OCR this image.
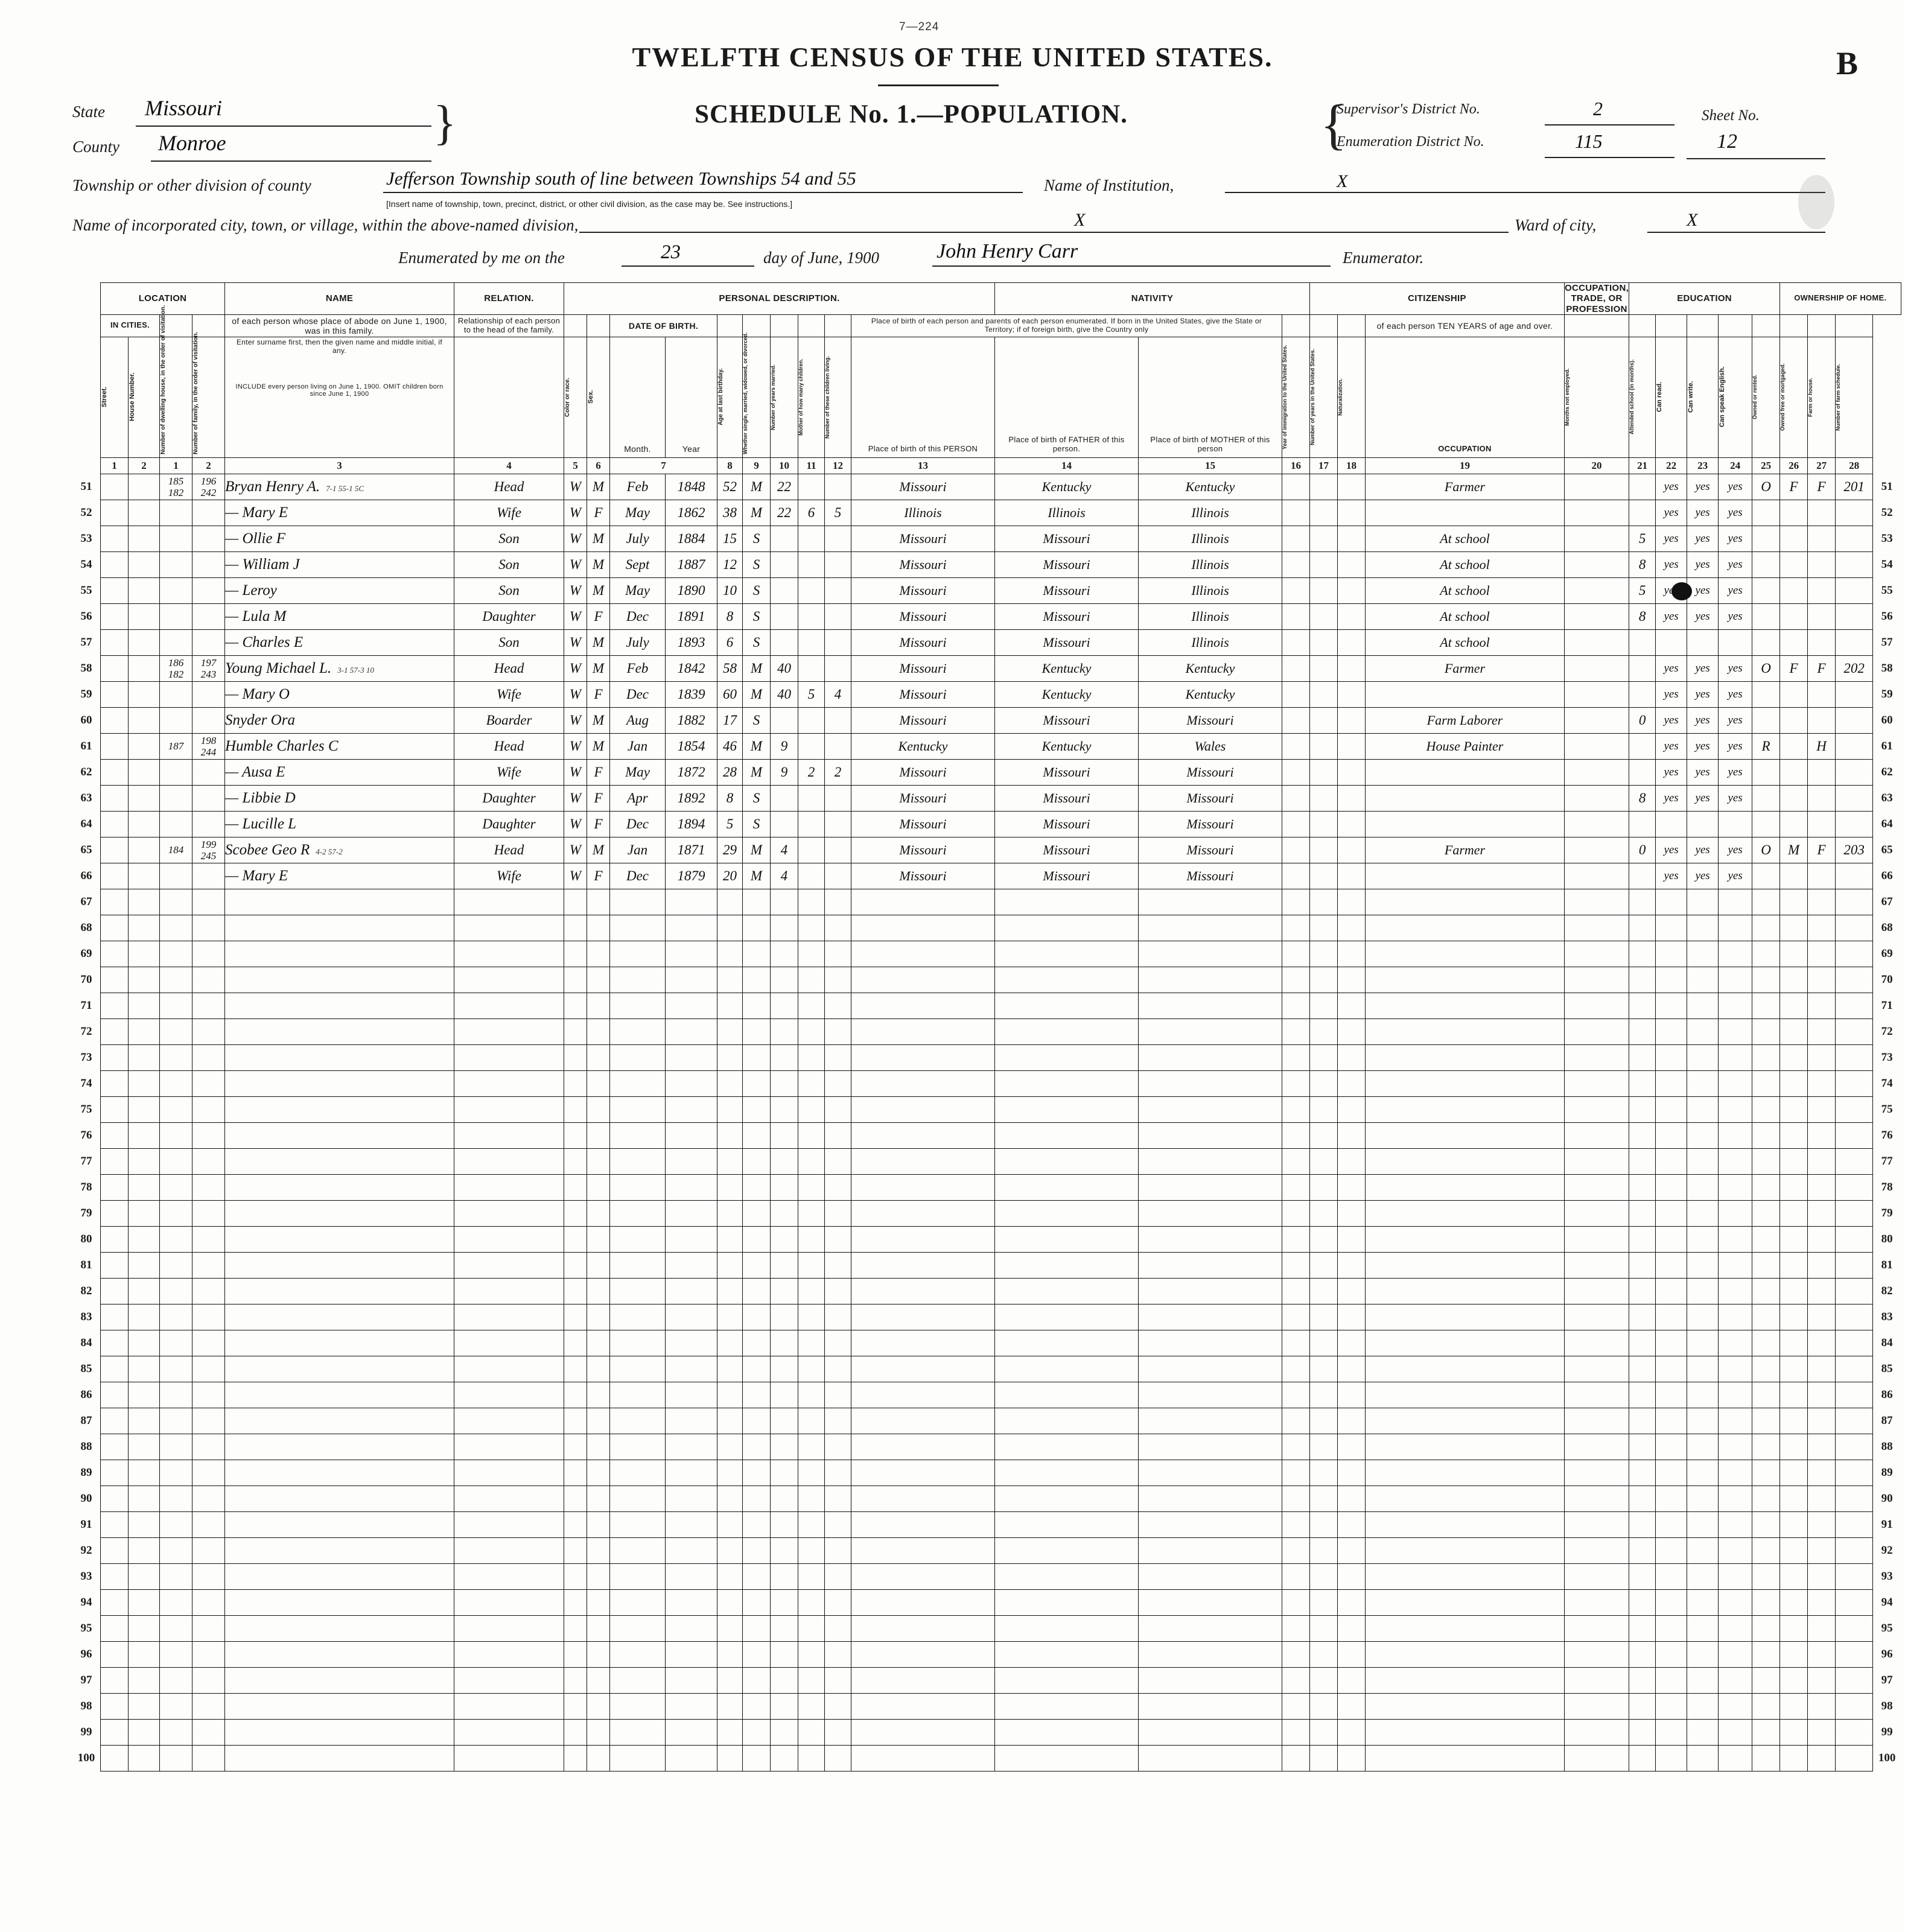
7—224
TWELFTH CENSUS OF THE UNITED STATES.	B
SCHEDULE No. 1.—POPULATION.
State Missouri
County Monroe	}
Township or other division of county	Jefferson Township south of line between Townships 54 and 55
[Insert name of township, town, precinct, district, or other civil division, as the case may be. See instructions.]
Name of Institution,	X
Name of incorporated city, town, or village, within the above-named division,	X	Ward of city,	X
Enumerated by me on the	23	day of June, 1900	John Henry Carr	Enumerator.
{
Supervisor's District No.	2
Enumeration District No.	115
Sheet No.
12
	LOCATION				NAME	RELATION.	PERSONAL DESCRIPTION.										NATIVITY			CITIZENSHIP			OCCUPATION, TRADE, OR PROFESSION	EDUCATION					OWNERSHIP OF HOME.				
	IN CITIES.				of each person whose place of abode on June 1, 1900, was in this family.	Relationship of each person to the head of the family.			DATE OF BIRTH.							Place of birth of each person and parents of each person enumerated. If born in the United States, give the State or Territory; if of foreign birth, give the Country only						of each person TEN YEARS of age and over.											

	Street.	House Number.	Number of dwelling house, in the order of visitation.	Number of family, in the order of visitation.	Enter surname first, then the given name and middle initial, if any.
INCLUDE every person living on June 1, 1900. OMIT children born since June 1, 1900		Color or race.	Sex.	Month.	Year	Age at last birthday.	Whether single, married, widowed, or divorced.	Number of years married.	Mother of how many children.	Number of these children living.	Place of birth of this PERSON	Place of birth of FATHER of this person.	Place of birth of MOTHER of this person	Year of immigration to the United States.	Number of years in the United States.	Naturalization.	OCCUPATION	Months not employed.	Attended school (in months).	Can read.	Can write.	Can speak English.	Owned or rented.	Owned free or mortgaged.	Farm or house.	Number of farm schedule.		

	1	2	1	2	3	4	5	6	7		8	9	10	11	12	13	14	15	16	17	18	19	20	21	22	23	24	25	26	27	28		
51			185
182

196
242	Bryan Henry A. 7-1 55-1 5C	Head	W	M	Feb	1848	52	M	22			Missouri	Kentucky	Kentucky				Farmer			yes	yes	yes	O	F	F	201	51
52					— Mary E	Wife	W	F	May	1862	38	M	22	6	5	Illinois	Illinois	Illinois							yes	yes	yes					52	
53					— Ollie F	Son	W	M	July	1884	15	S				Missouri	Missouri	Illinois				At school		5	yes	yes	yes					53	
54					— William J	Son	W	M	Sept	1887	12	S				Missouri	Missouri	Illinois				At school		8	yes	yes	yes					54	
55					— Leroy	Son	W	M	May	1890	10	S				Missouri	Missouri	Illinois				At school		5	yes	yes	yes					55	
56					— Lula M	Daughter	W	F	Dec	1891	8	S				Missouri	Missouri	Illinois				At school		8	yes	yes	yes					56	
57					— Charles E	Son	W	M	July	1893	6	S				Missouri	Missouri	Illinois				At school										57	
58			186
182

197
243	Young Michael L. 3-1 57-3 10	Head	W	M	Feb	1842	58	M	40			Missouri	Kentucky	Kentucky				Farmer			yes	yes	yes	O	F	F	202	58
59					— Mary O	Wife	W	F	Dec	1839	60	M	40	5	4	Missouri	Kentucky	Kentucky							yes	yes	yes					59	
60					Snyder Ora	Boarder	W	M	Aug	1882	17	S				Missouri	Missouri	Missouri				Farm Laborer		0	yes	yes	yes					60	
61			187	198
244	Humble Charles C	Head	W	M	Jan	1854	46	M	9			Kentucky	Kentucky	Wales				House Painter			yes	yes	yes	R		H		61	
62					— Ausa E	Wife	W	F	May	1872	28	M	9	2	2	Missouri	Missouri	Missouri							yes	yes	yes					62	
63					— Libbie D	Daughter	W	F	Apr	1892	8	S				Missouri	Missouri	Missouri						8	yes	yes	yes					63	
64					— Lucille L	Daughter	W	F	Dec	1894	5	S				Missouri	Missouri	Missouri														64	
65			184	199
245	Scobee Geo R 4-2 57-2	Head	W	M	Jan	1871	29	M	4			Missouri	Missouri	Missouri				Farmer		0	yes	yes	yes	O	M	F	203	65	
66					— Mary E	Wife	W	F	Dec	1879	20	M	4			Missouri	Missouri	Missouri							yes	yes	yes					66	
67																																67	
68																																68	
69																																69	
70																																70	
71																																71	
72																																72	
73																																73	
74																																74	
75																																75	
76																																76	
77																																77	
78																																78	
79																																79	
80																																80	
81																																81	
82																																82	
83																																83	
84																																84	
85																																85	
86																																86	
87																																87	
88																																88	
89																																89	
90																																90	
91																																91	
92																																92	
93																																93	
94																																94	
95																																95	
96																																96	
97																																97	
98																																98	
99																																99	
100																																100	
